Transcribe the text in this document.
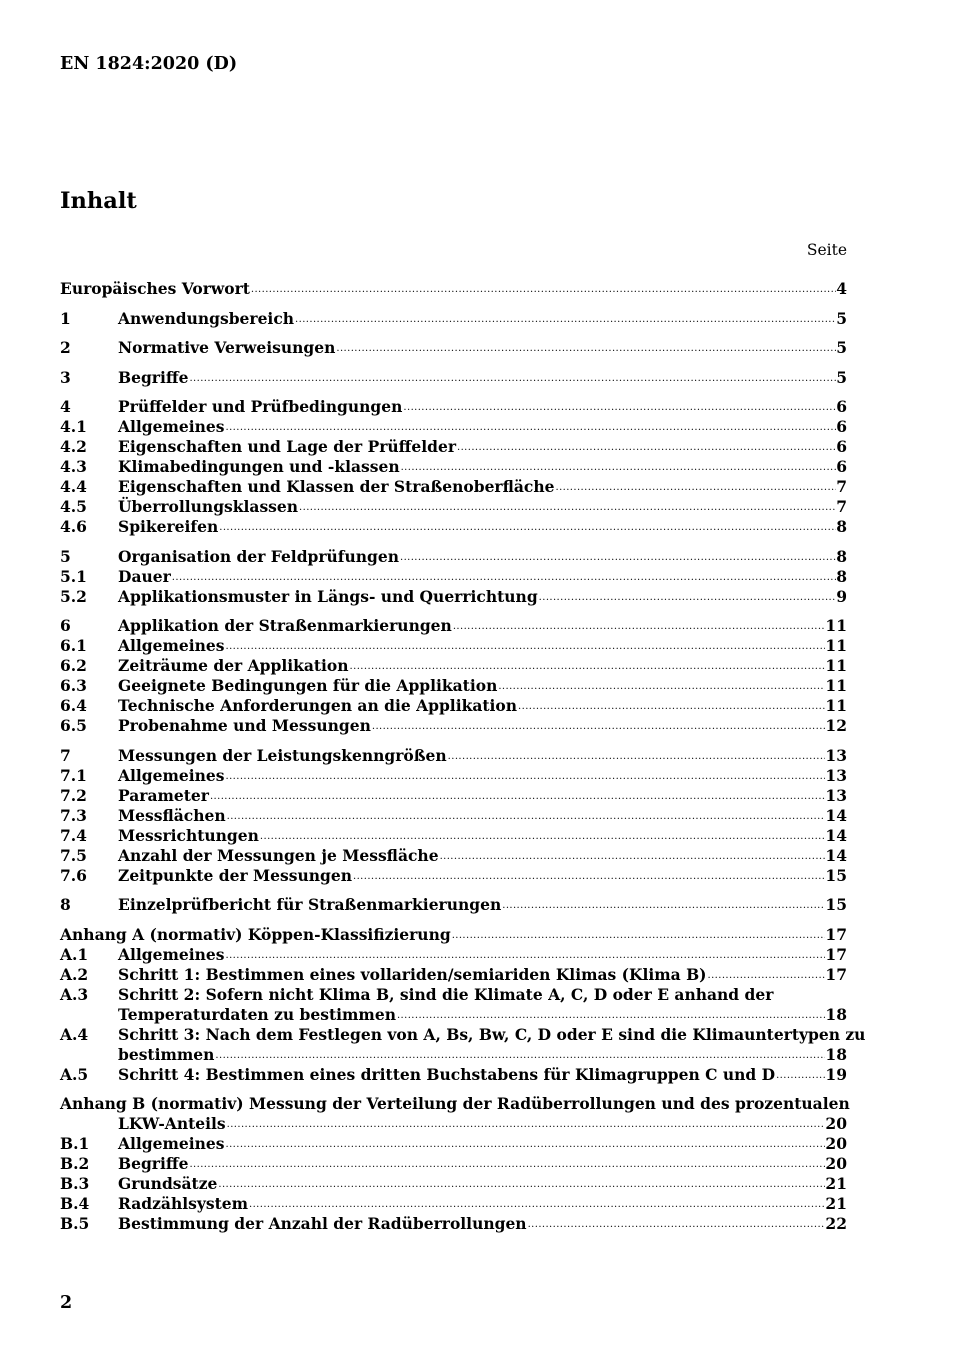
EN 1824:2020 (D)
Inhalt
Seite
Europäisches Vorwort .....	4
1	Anwendungsbereich .....	5
2	Normative Verweisungen .....	5
3	Begriffe .....	5
4	Prüffelder und Prüfbedingungen .....	6
4.1	Allgemeines .....	6
4.2	Eigenschaften und Lage der Prüffelder .....	6
4.3	Klimabedingungen und -klassen .....	6
4.4	Eigenschaften und Klassen der Straßenoberfläche .....	7
4.5	Überrollungsklassen .....	7
4.6	Spikereifen .....	8
5	Organisation der Feldprüfungen .....	8
5.1	Dauer .....	8
5.2	Applikationsmuster in Längs- und Querrichtung .....	9
6	Applikation der Straßenmarkierungen .....	11
6.1	Allgemeines .....	11
6.2	Zeiträume der Applikation .....	11
6.3	Geeignete Bedingungen für die Applikation .....	11
6.4	Technische Anforderungen an die Applikation .....	11
6.5	Probenahme und Messungen .....	12
7	Messungen der Leistungskenngrößen .....	13
7.1	Allgemeines .....	13
7.2	Parameter .....	13
7.3	Messflächen .....	14
7.4	Messrichtungen .....	14
7.5	Anzahl der Messungen je Messfläche .....	14
7.6	Zeitpunkte der Messungen .....	15
8	Einzelprüfbericht für Straßenmarkierungen .....	15
Anhang A (normativ) Köppen-Klassifizierung .....	17
A.1	Allgemeines .....	17
A.2	Schritt 1: Bestimmen eines vollariden/semiariden Klimas (Klima B) .....	17
A.3	Schritt 2: Sofern nicht Klima B, sind die Klimate A, C, D oder E anhand der
Temperaturdaten zu bestimmen .....	18
A.4	Schritt 3: Nach dem Festlegen von A, Bs, Bw, C, D oder E sind die Klimauntertypen zu
bestimmen .....	18
A.5	Schritt 4: Bestimmen eines dritten Buchstabens für Klimagruppen C und D .....	19
Anhang B (normativ) Messung der Verteilung der Radüberrollungen und des prozentualen
LKW-Anteils .....	20
B.1	Allgemeines .....	20
B.2	Begriffe .....	20
B.3	Grundsätze .....	21
B.4	Radzählsystem .....	21
B.5	Bestimmung der Anzahl der Radüberrollungen .....	22
2
